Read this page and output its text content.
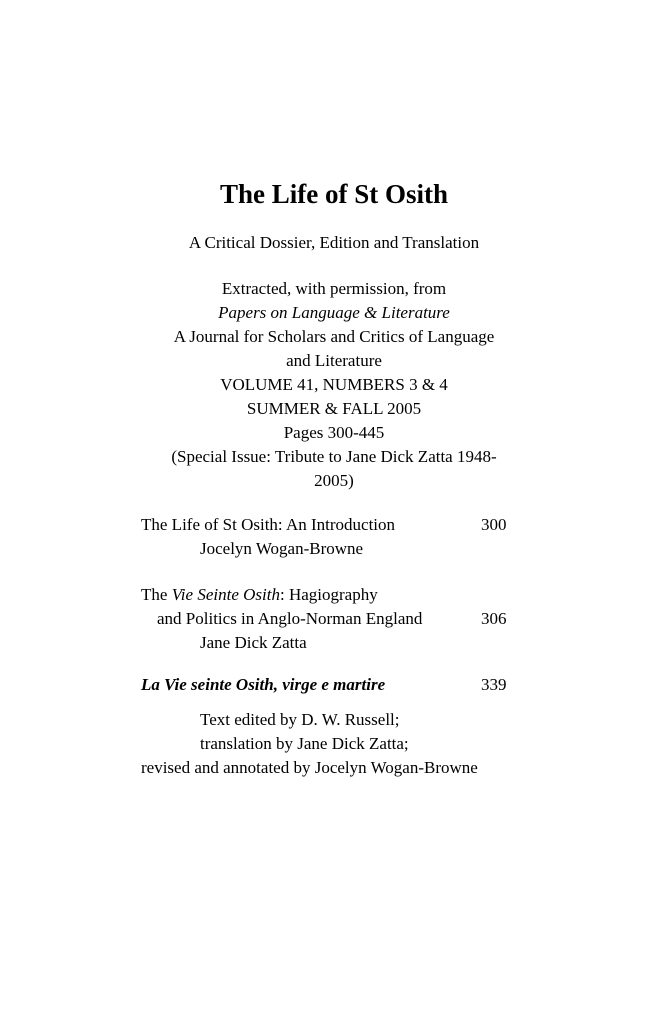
The Life of St Osith
A Critical Dossier, Edition and Translation
Extracted, with permission, from
Papers on Language & Literature
A Journal for Scholars and Critics of Language
and Literature
VOLUME 41, NUMBERS 3 & 4
SUMMER & FALL 2005
Pages 300-445
(Special Issue: Tribute to Jane Dick Zatta 1948-
2005)
The Life of St Osith: An Introduction	300
Jocelyn Wogan-Browne
The Vie Seinte Osith: Hagiography
and Politics in Anglo-Norman England	306
Jane Dick Zatta
La Vie seinte Osith, virge e martire	339
Text edited by D. W. Russell;
translation by Jane Dick Zatta;
revised and annotated by Jocelyn Wogan-Browne
